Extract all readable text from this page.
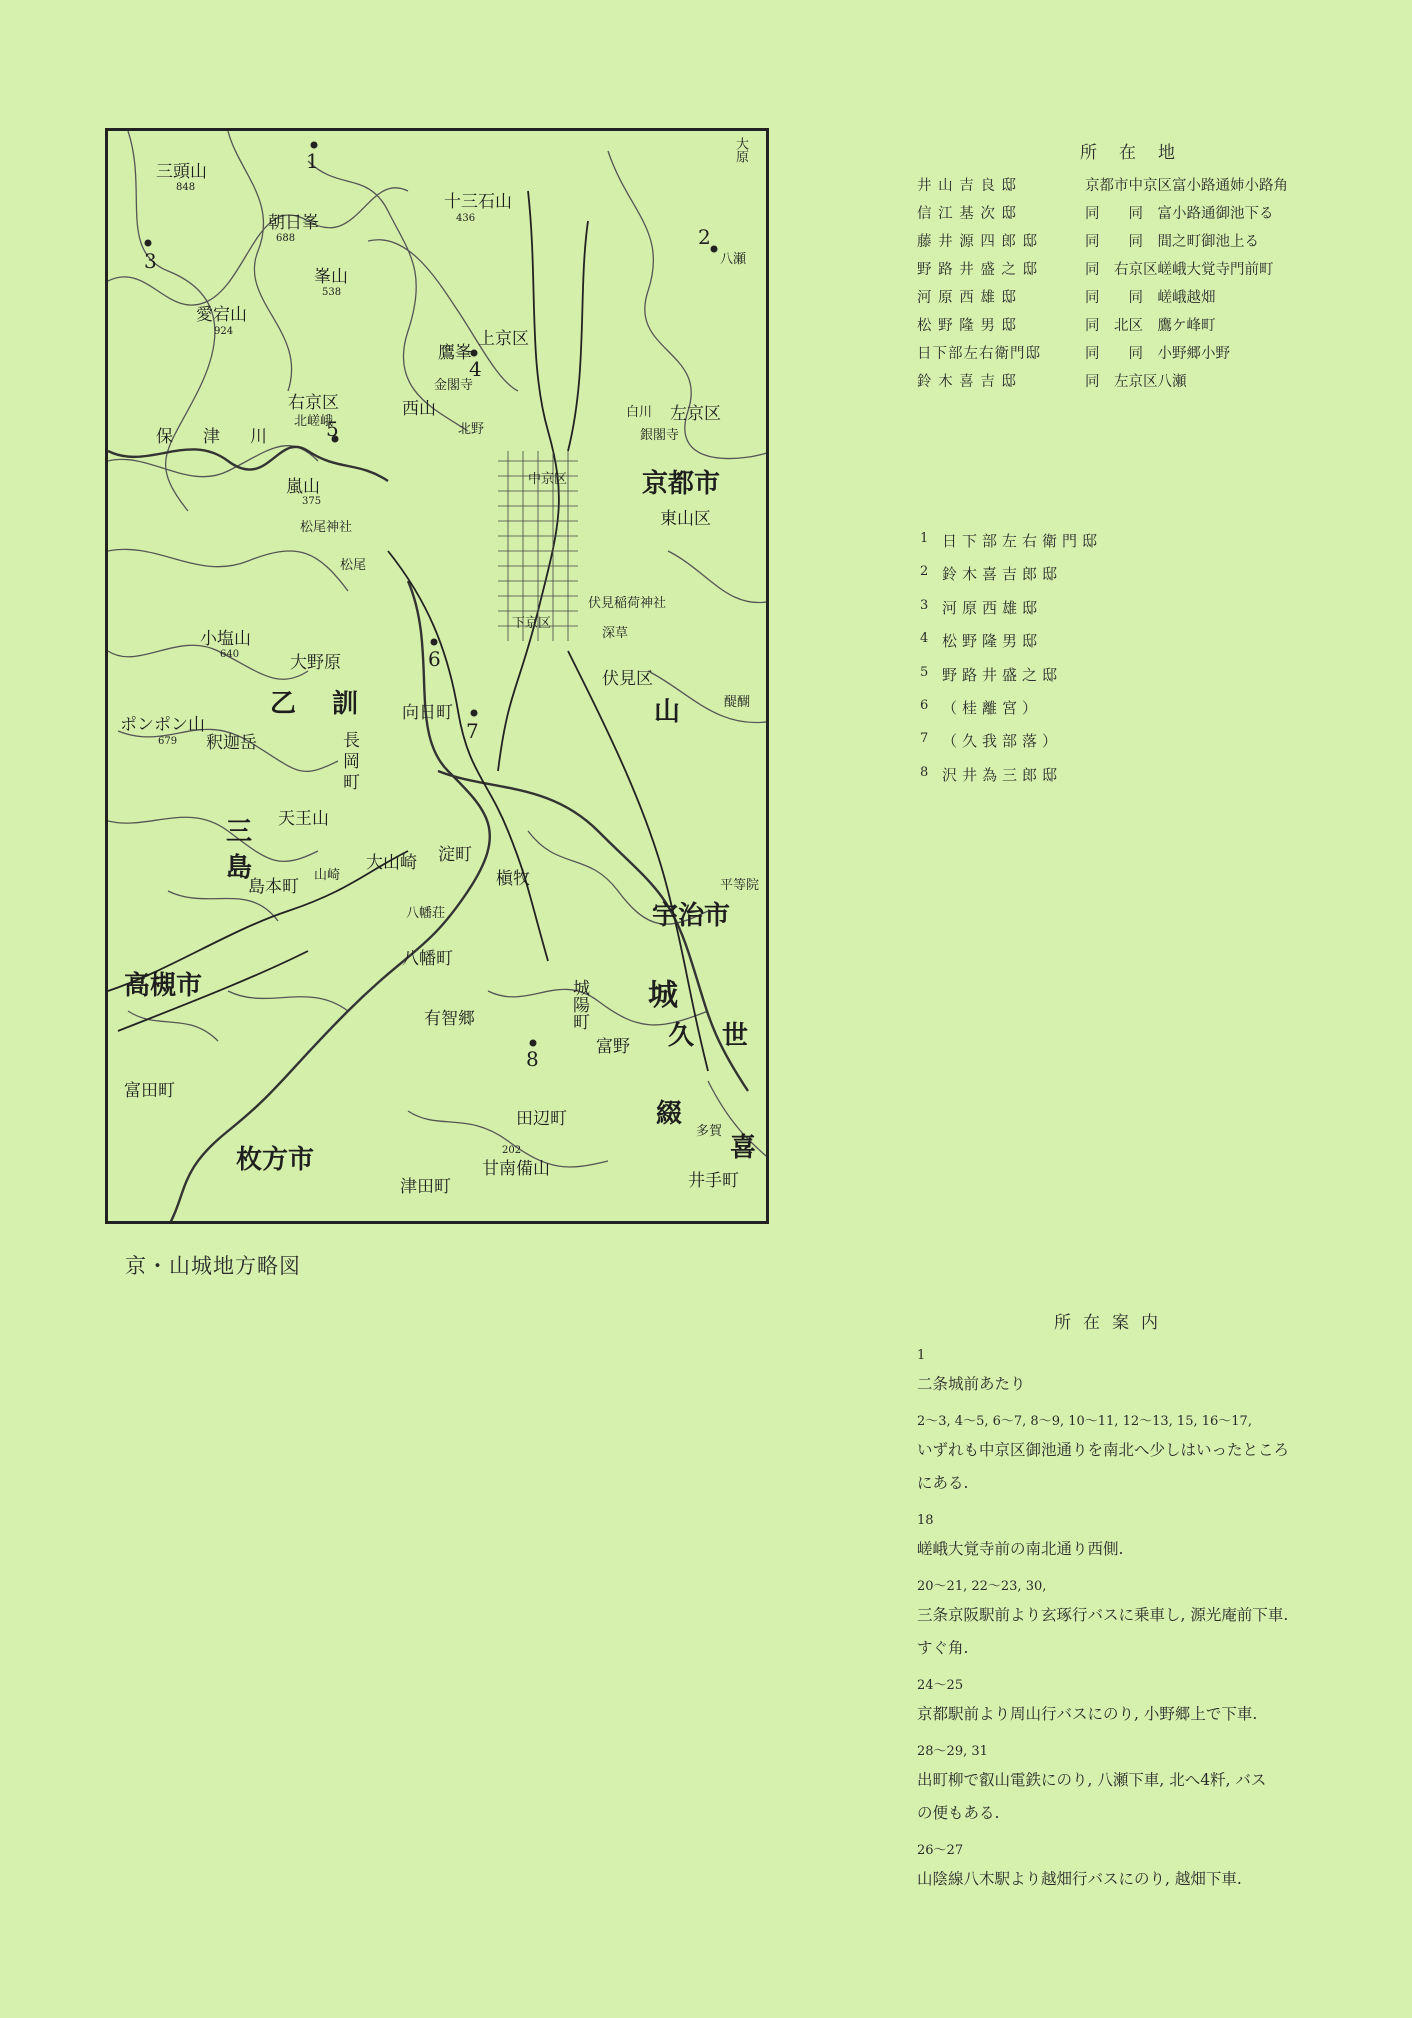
1
2
3
4
5
6
7
8
大原
八瀬
三頭山
848
十三石山
436
朝日峯
688
峯山
538
愛宕山
924
鷹峯
上京区
金閣寺
右京区
北嵯峨
西山
北野
白川 左京区
銀閣寺
保津川
京都市
中京区
嵐山
375
松尾神社
松尾
東山区
下京区
伏見稲荷神社
深草
小塩山
640	大野原
伏見区
醍醐
乙 訓	向日町
長岡町
ポンポン山
679 釈迦岳
山
天王山
大山崎 淀町
槇牧
三
島
島本町
山崎
平等院
宇治市
八幡荘
八幡町
高槻市	城
久 世
城陽町
有智郷
富野
富田町
田辺町	綴
喜
202
甘南備山
多賀
井手町
枚方市
津田町
京・山城地方略図
所在地
井 山 吉 良 邸	京都市中京区富小路通姉小路角
信 江 基 次 邸	同　　同　富小路通御池下る
藤 井 源 四 郎 邸	同　　同　間之町御池上る
野 路 井 盛 之 邸	同　右京区嵯峨大覚寺門前町
河 原 西 雄 邸	同　　同　嵯峨越畑
松 野 隆 男 邸	同　北区　鷹ケ峰町
日下部左右衛門邸	同　　同　小野郷小野
鈴 木 喜 吉 邸	同　左京区八瀬
1 日下部左右衛門邸
2 鈴木喜吉郎邸
3 河原西雄邸
4 松野隆男邸
5 野路井盛之邸
6 （桂離宮）
7 （久我部落）
8 沢井為三郎邸
所在案内
1
二条城前あたり
2〜3, 4〜5, 6〜7, 8〜9, 10〜11, 12〜13, 15, 16〜17,
いずれも中京区御池通りを南北へ少しはいったところ
にある.
18
嵯峨大覚寺前の南北通り西側.
20〜21, 22〜23, 30,
三条京阪駅前より玄琢行バスに乗車し, 源光庵前下車.
すぐ角.
24〜25
京都駅前より周山行バスにのり, 小野郷上で下車.
28〜29, 31
出町柳で叡山電鉄にのり, 八瀬下車, 北へ4粁, バス
の便もある.
26〜27
山陰線八木駅より越畑行バスにのり, 越畑下車.
